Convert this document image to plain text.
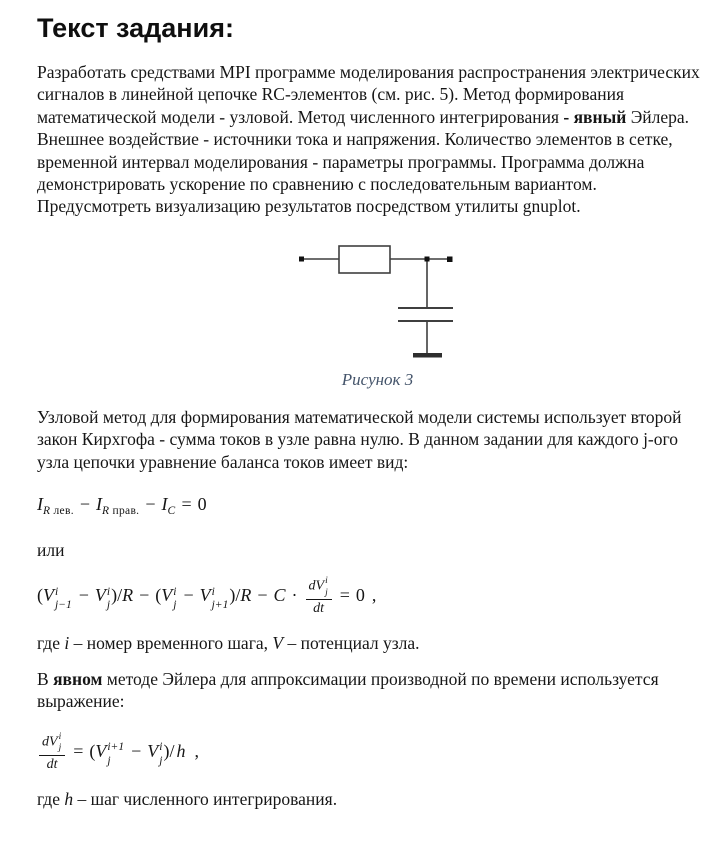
Текст задания:

Разработать средствами MPI программе моделирования распространения электрических сигналов в линейной цепочке RC-элементов (см. рис. 5). Метод формирования математической модели - узловой. Метод численного интегрирования - явный Эйлера. Внешнее воздействие - источники тока и напряжения. Количество элементов в сетке, временной интервал моделирования - параметры программы. Программа должна демонстрировать ускорение по сравнению с последовательным вариантом. Предусмотреть визуализацию результатов посредством утилиты gnuplot.

Рисунок 3

Узловой метод для формирования математической модели системы использует второй закон Кирхгофа - сумма токов в узле равна нулю. В данном задании для каждого j-ого узла цепочки уравнение баланса токов имеет вид:

$I_{R лев.} - I_{R прав.} - I_C = 0$

или

(V i
j−1 − V i
j )/R − (V i
j − V i
j+1 )/R − C · dV i
j
dt = 0 ,

где i – номер временного шага, V – потенциал узла.

В явном методе Эйлера для аппроксимации производной по времени используется выражение:

dV i
j
dt = (V i+1
j	− V i
j )/ h ,

где h – шаг численного интегрирования.
